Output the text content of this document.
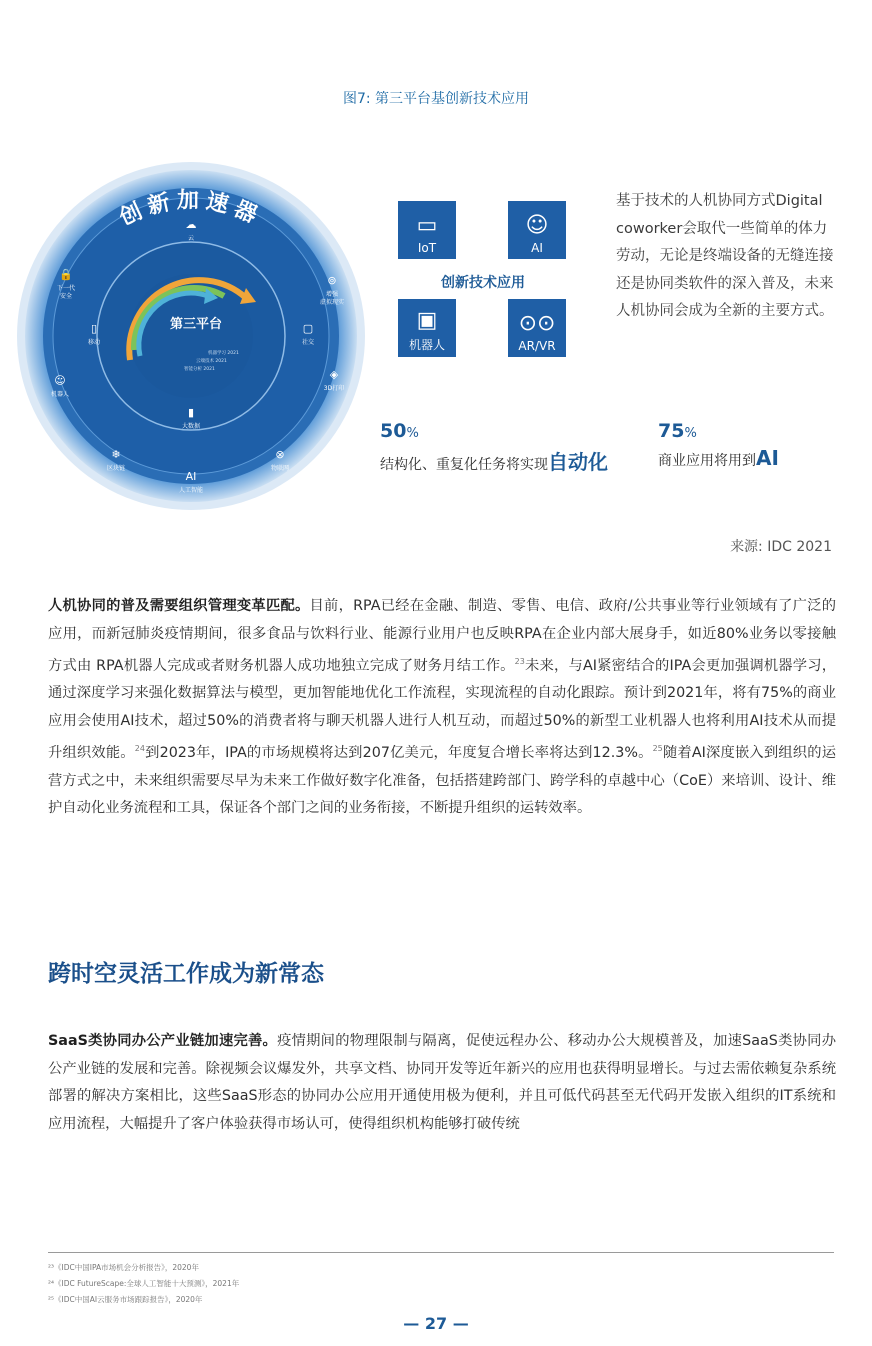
图7: 第三平台基创新技术应用
创新加速器
第三平台
机器学习 2021
云端技术 2021
智能分析 2021
☁
云
⊚
增强
虚拟现实
▢
社交
◈
3D打印
⊗
物联网
AI
人工智能
❄
区块链
☺
机器人
🔒
下一代
安全
▯
移动
▮
大数据
▭
IoT
☺
AI
创新技术应用
▣
机器人
⊙⊙
AR/VR
基于技术的人机协同方式Digital coworker会取代一些简单的体力劳动，无论是终端设备的无缝连接还是协同类软件的深入普及，未来人机协同会成为全新的主要方式。
50%
结构化、重复化任务将实现自动化
75%
商业应用将用到AI
来源: IDC 2021
人机协同的普及需要组织管理变革匹配。目前，RPA已经在金融、制造、零售、电信、政府/公共事业等行业领域有了广泛的应用，而新冠肺炎疫情期间，很多食品与饮料行业、能源行业用户也反映RPA在企业内部大展身手，如近80%业务以零接触方式由 RPA机器人完成或者财务机器人成功地独立完成了财务月结工作。$^{23}$未来，与AI紧密结合的IPA会更加强调机器学习，通过深度学习来强化数据算法与模型，更加智能地优化工作流程，实现流程的自动化跟踪。预计到2021年，将有75%的商业应用会使用AI技术，超过50%的消费者将与聊天机器人进行人机互动，而超过50%的新型工业机器人也将利用AI技术从而提升组织效能。$^{24}$到2023年，IPA的市场规模将达到207亿美元，年度复合增长率将达到12.3%。$^{25}$随着AI深度嵌入到组织的运营方式之中，未来组织需要尽早为未来工作做好数字化准备，包括搭建跨部门、跨学科的卓越中心（CoE）来培训、设计、维护自动化业务流程和工具，保证各个部门之间的业务衔接，不断提升组织的运转效率。
跨时空灵活工作成为新常态
SaaS类协同办公产业链加速完善。疫情期间的物理限制与隔离，促使远程办公、移动办公大规模普及，加速SaaS类协同办公产业链的发展和完善。除视频会议爆发外，共享文档、协同开发等近年新兴的应用也获得明显增长。与过去需依赖复杂系统部署的解决方案相比，这些SaaS形态的协同办公应用开通使用极为便利，并且可低代码甚至无代码开发嵌入组织的IT系统和应用流程，大幅提升了客户体验获得市场认可，使得组织机构能够打破传统
²³《IDC中国IPA市场机会分析报告》，2020年
²⁴《IDC FutureScape:全球人工智能十大预测》，2021年
²⁵《IDC中国AI云服务市场跟踪报告》，2020年
— 27 —
